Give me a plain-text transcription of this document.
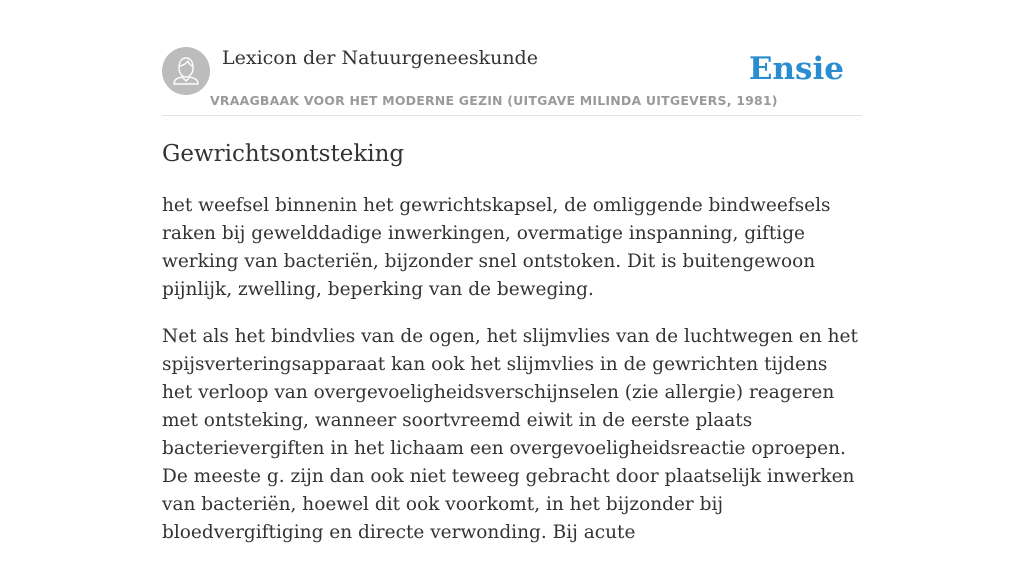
Lexicon der Natuurgeneeskunde
VRAAGBAAK VOOR HET MODERNE GEZIN (UITGAVE MILINDA UITGEVERS, 1981)
Ensie
Gewrichtsontsteking

het weefsel binnenin het gewrichtskapsel, de omliggende bindweefsels raken bij gewelddadige inwerkingen, overmatige inspanning, giftige werking van bacteriën, bijzonder snel ontstoken. Dit is buitengewoon pijnlijk, zwelling, beperking van de beweging.

Net als het bindvlies van de ogen, het slijmvlies van de luchtwegen en het spijsverteringsapparaat kan ook het slijmvlies in de gewrichten tijdens het verloop van overgevoeligheidsverschijnselen (zie allergie) reageren met ontsteking, wanneer soortvreemd eiwit in de eerste plaats bacterievergiften in het lichaam een overgevoeligheidsreactie oproepen. De meeste g. zijn dan ook niet teweeg gebracht door plaatselijk inwerken van bacteriën, hoewel dit ook voorkomt, in het bijzonder bij bloedvergiftiging en directe verwonding. Bij acute
